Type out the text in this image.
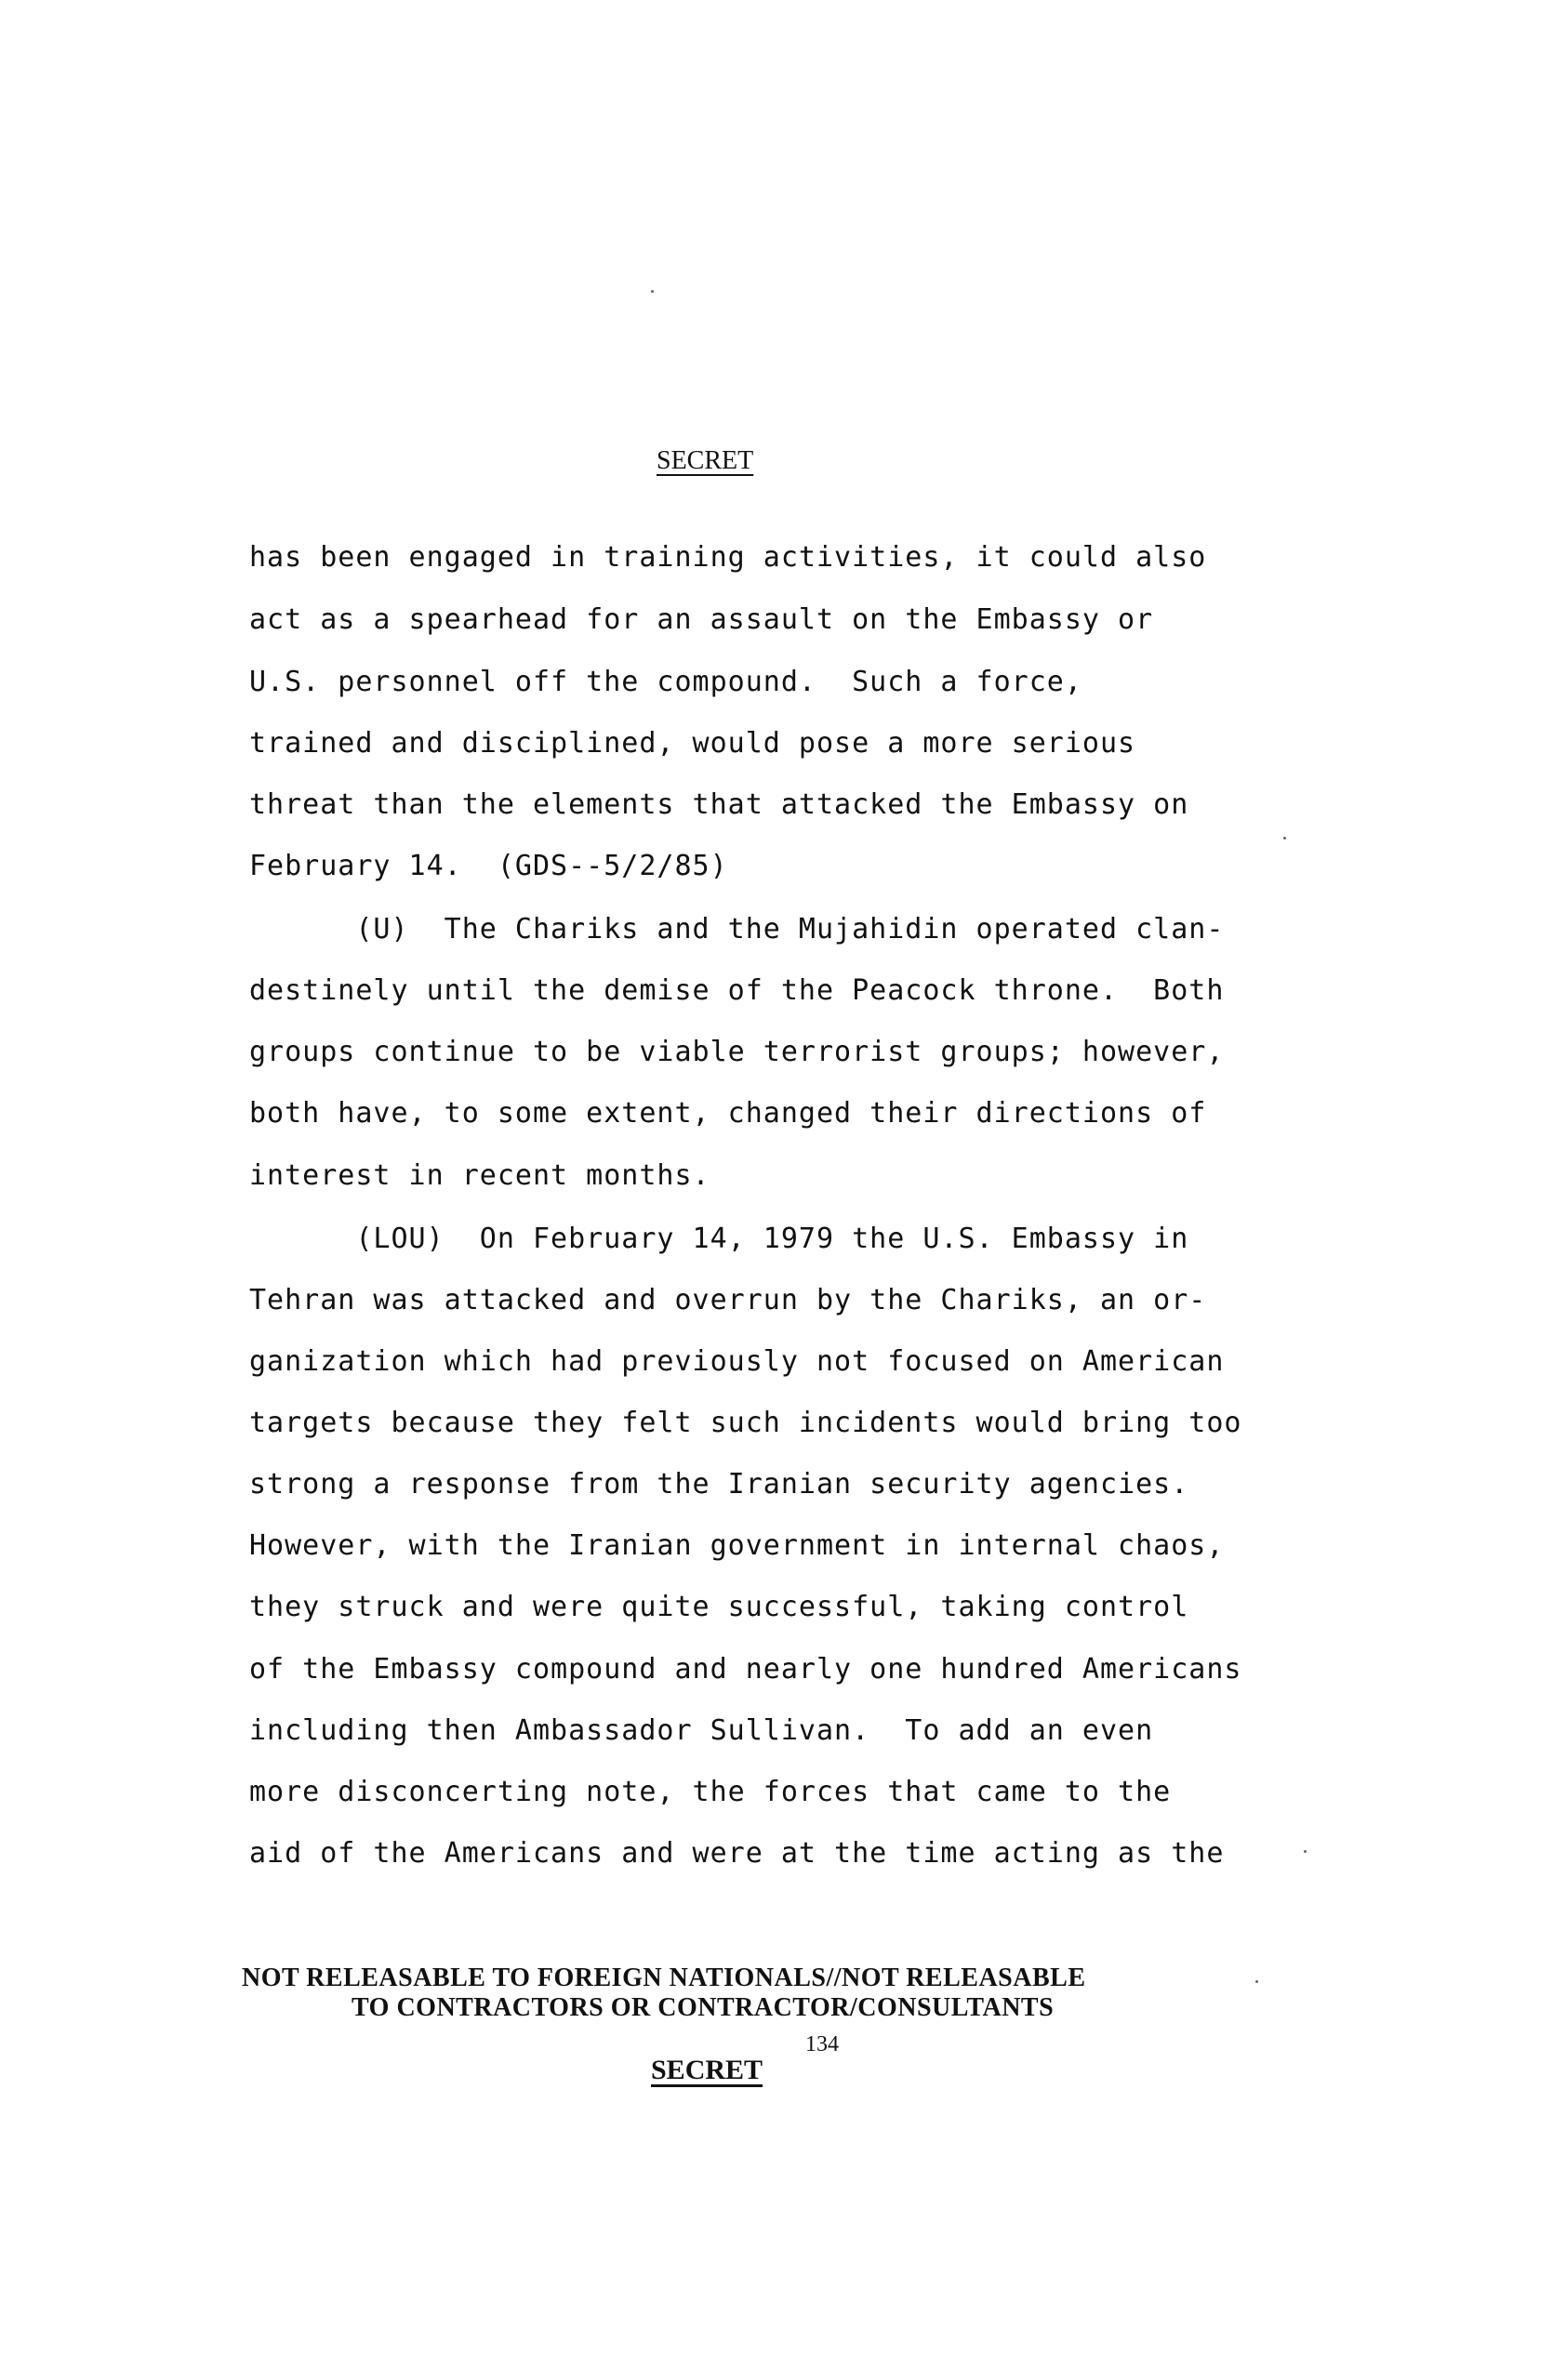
SECRET
has been engaged in training activities, it could also
act as a spearhead for an assault on the Embassy or
U.S. personnel off the compound.  Such a force,
trained and disciplined, would pose a more serious
threat than the elements that attacked the Embassy on
February 14.  (GDS--5/2/85)
(U)  The Chariks and the Mujahidin operated clan-
destinely until the demise of the Peacock throne.  Both
groups continue to be viable terrorist groups; however,
both have, to some extent, changed their directions of
interest in recent months.
(LOU)  On February 14, 1979 the U.S. Embassy in
Tehran was attacked and overrun by the Chariks, an or-
ganization which had previously not focused on American
targets because they felt such incidents would bring too
strong a response from the Iranian security agencies.
However, with the Iranian government in internal chaos,
they struck and were quite successful, taking control
of the Embassy compound and nearly one hundred Americans
including then Ambassador Sullivan.  To add an even
more disconcerting note, the forces that came to the
aid of the Americans and were at the time acting as the
NOT RELEASABLE TO FOREIGN NATIONALS//NOT RELEASABLE
TO CONTRACTORS OR CONTRACTOR/CONSULTANTS
134
SECRET
